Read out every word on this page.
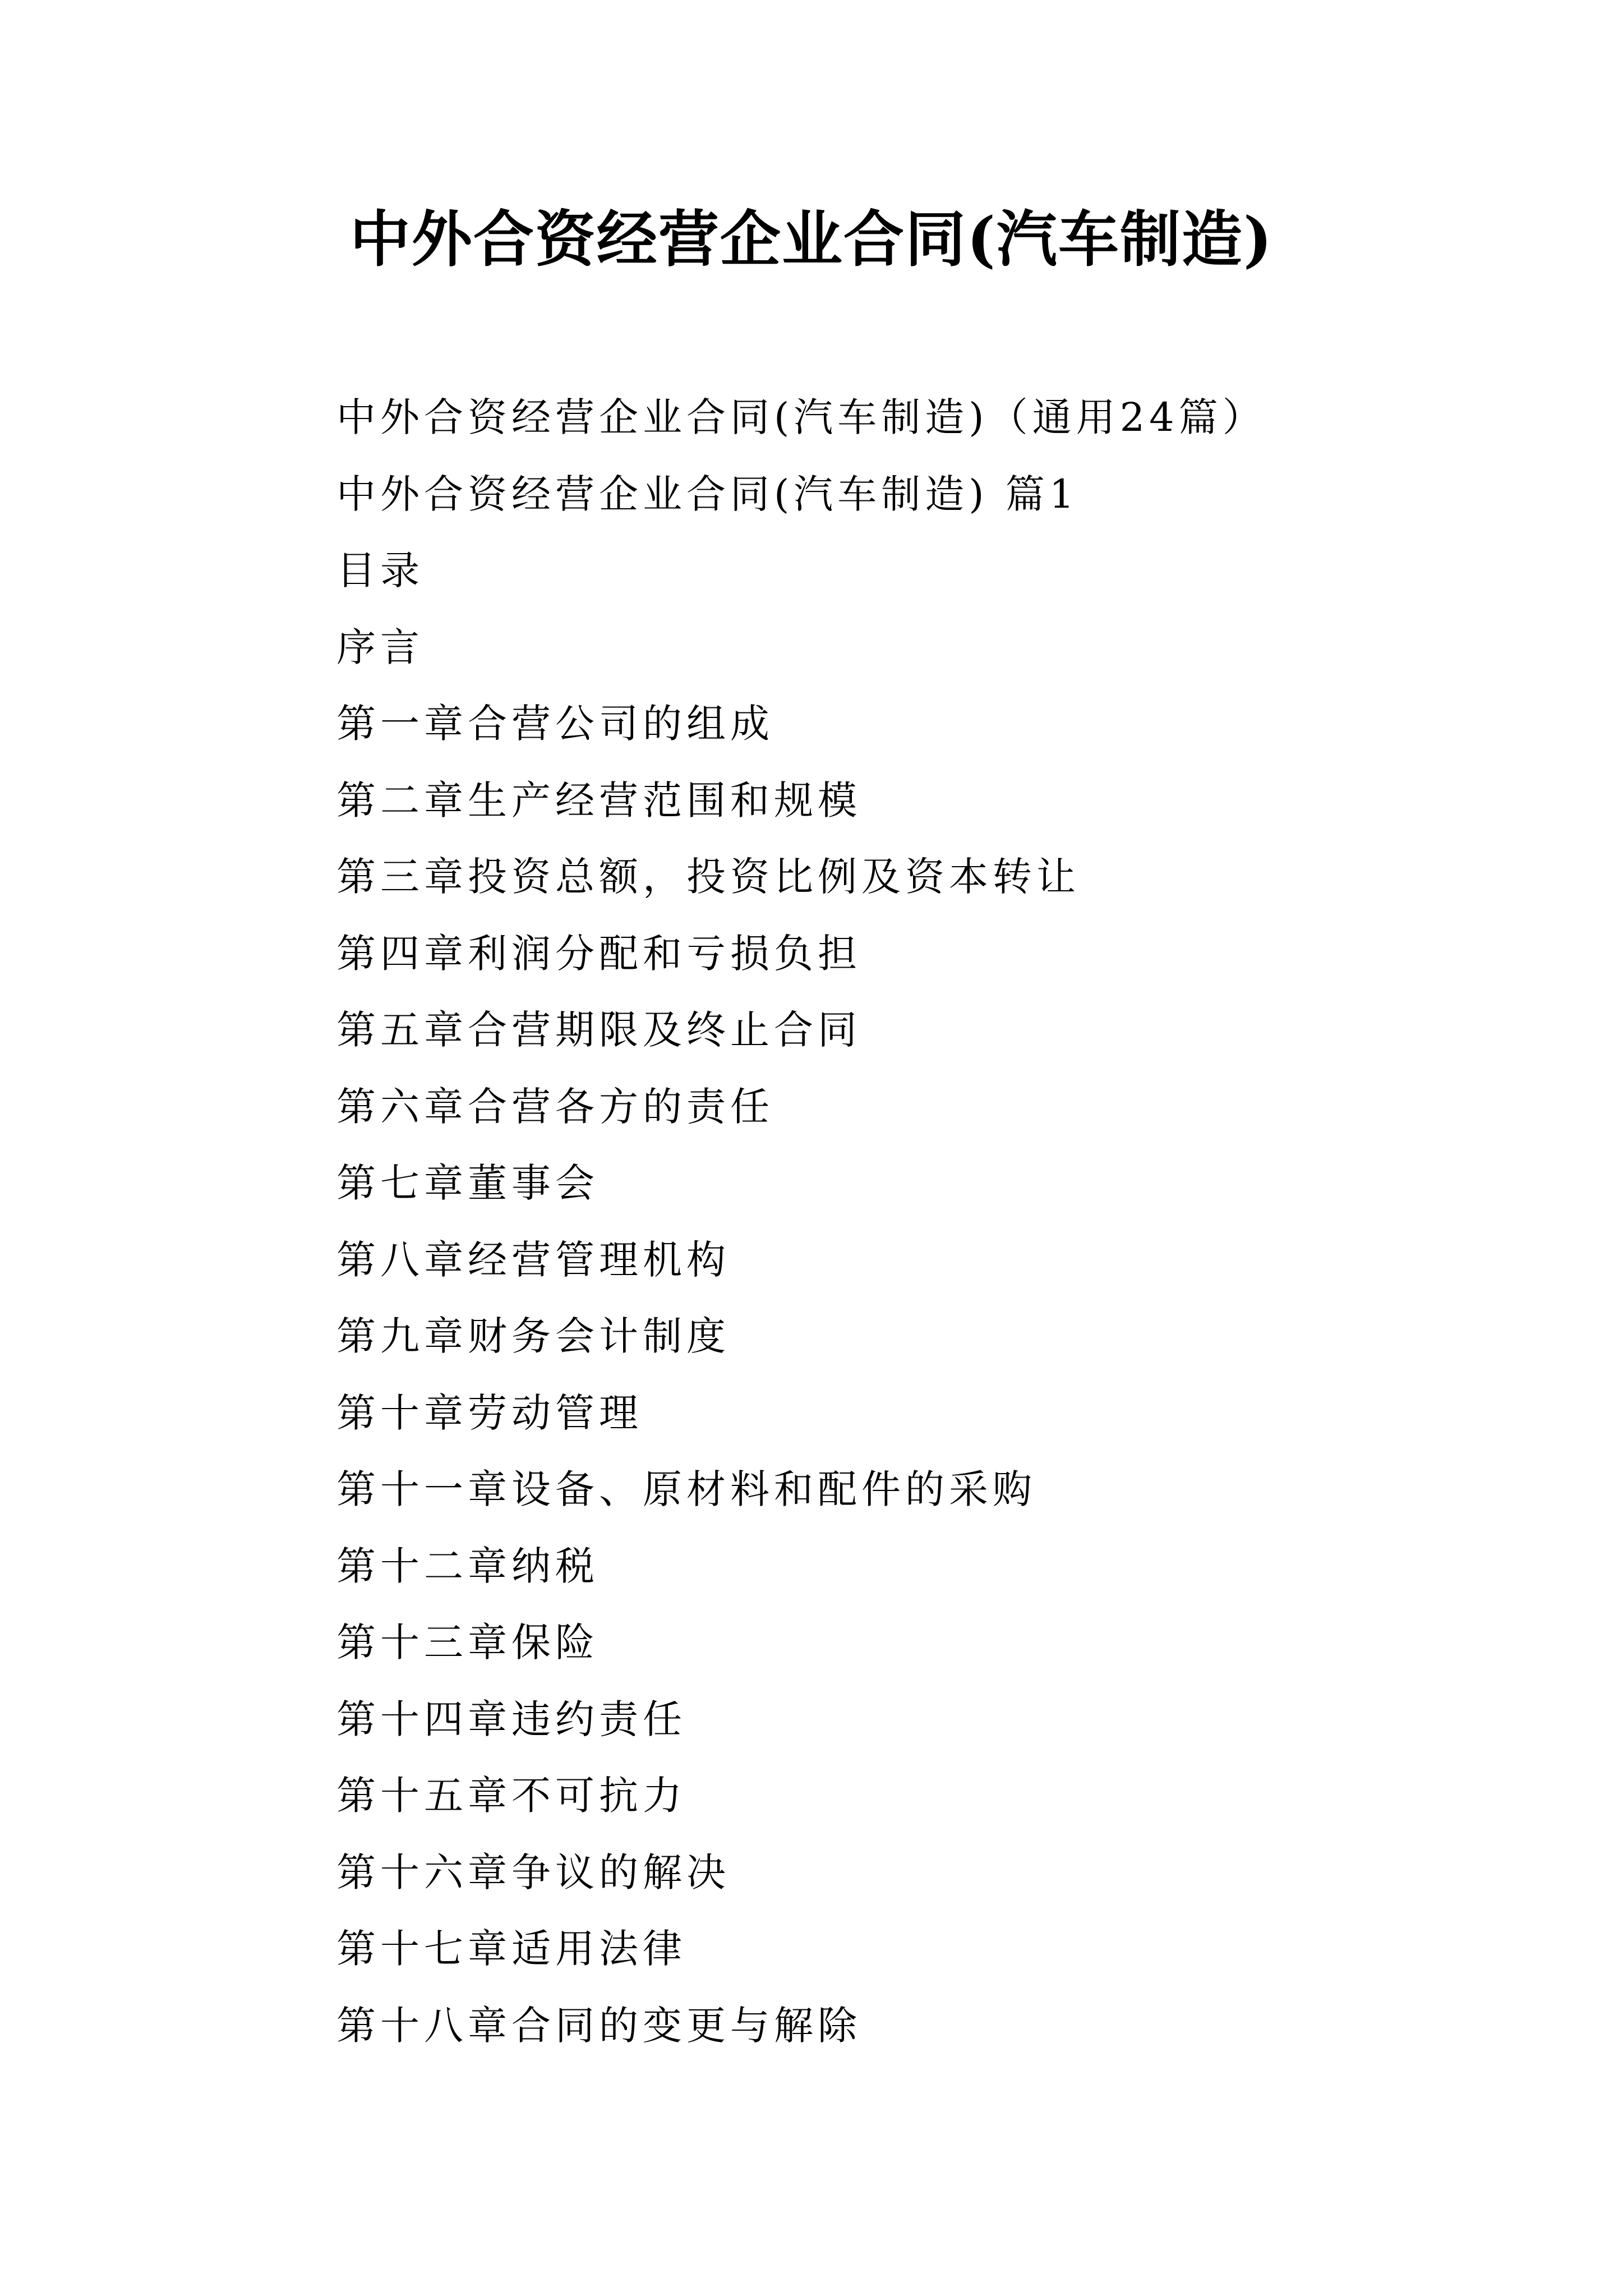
中外合资经营企业合同(汽车制造)
中外合资经营企业合同(汽车制造)（通用24篇）
中外合资经营企业合同(汽车制造) 篇1
目录
序言
第一章合营公司的组成
第二章生产经营范围和规模
第三章投资总额，投资比例及资本转让
第四章利润分配和亏损负担
第五章合营期限及终止合同
第六章合营各方的责任
第七章董事会
第八章经营管理机构
第九章财务会计制度
第十章劳动管理
第十一章设备、原材料和配件的采购
第十二章纳税
第十三章保险
第十四章违约责任
第十五章不可抗力
第十六章争议的解决
第十七章适用法律
第十八章合同的变更与解除
